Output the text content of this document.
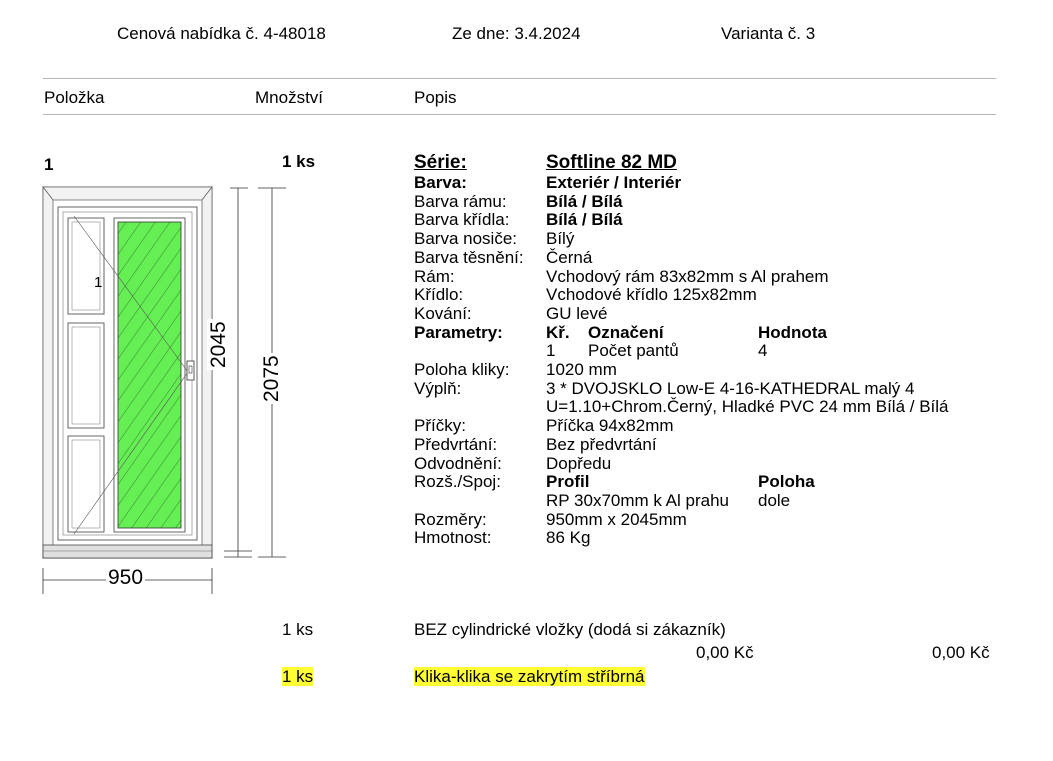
Cenová nabídka č. 4-48018	Ze dne: 3.4.2024	Varianta č. 3
Položka	Množství	Popis
1	1 ks
1
2045
2075
950
Série:	Softline 82 MD		
Barva:	Exteriér / Interiér		
Barva rámu:	Bílá / Bílá		
Barva křídla:	Bílá / Bílá		
Barva nosiče:	Bílý		
Barva těsnění:	Černá		
Rám:	Vchodový rám 83x82mm s Al prahem		
Křídlo:	Vchodové křídlo 125x82mm		
Kování:	GU levé		
Parametry:	Kř.	Označení	Hodnota
	1	Počet pantů	4
Poloha kliky:	1020 mm		
Výplň:	3 * DVOJSKLO Low-E 4-16-KATHEDRAL malý 4		
	U=1.10+Chrom.Černý, Hladké PVC 24 mm Bílá / Bílá		
Příčky:	Příčka 94x82mm		
Předvrtání:	Bez předvrtání		
Odvodnění:	Dopředu		
Rozš./Spoj:	Profil		Poloha
	RP 30x70mm k Al prahu		dole
Rozměry:	950mm x 2045mm		
Hmotnost:	86 Kg		
1 ks	BEZ cylindrické vložky (dodá si zákazník)
0,00 Kč	0,00 Kč
1 ks	Klika-klika se zakrytím stříbrná
